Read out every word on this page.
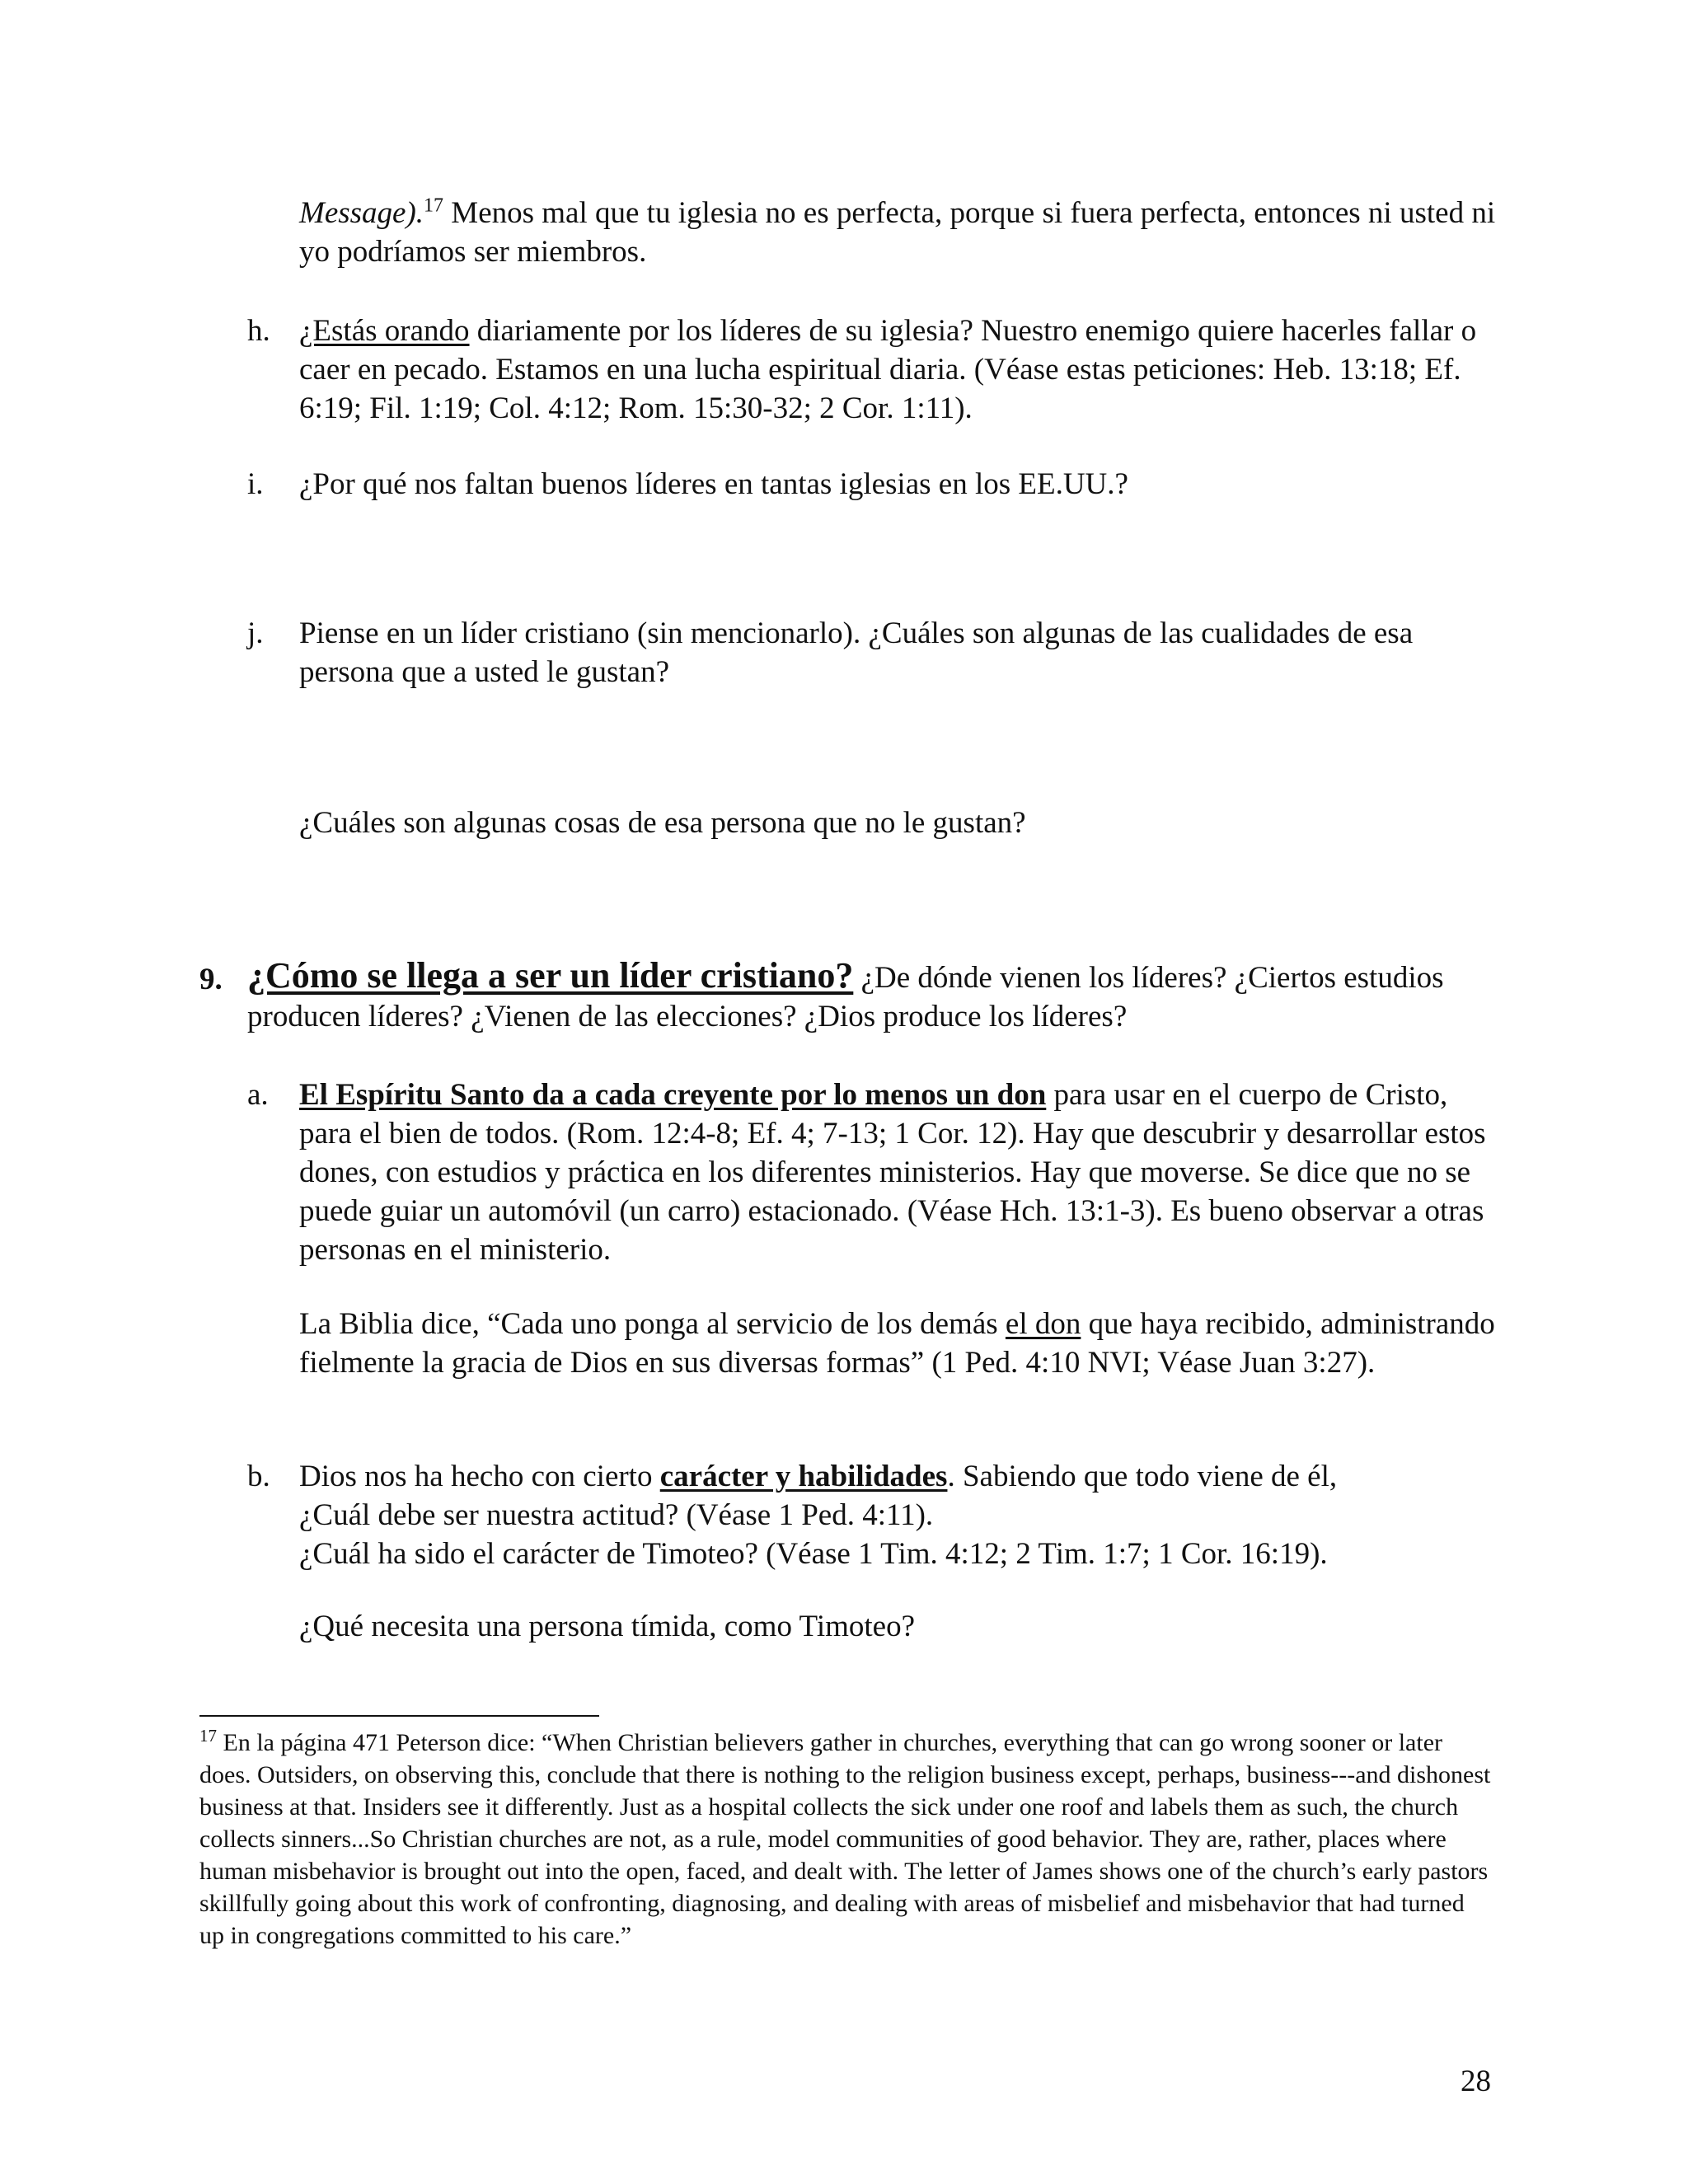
Message).$^{17}$ Menos mal que tu iglesia no es perfecta, porque si fuera perfecta, entonces ni usted ni yo podríamos ser miembros.
h. ¿Estás orando diariamente por los líderes de su iglesia? Nuestro enemigo quiere hacerles fallar o caer en pecado. Estamos en una lucha espiritual diaria. (Véase estas peticiones: Heb. 13:18; Ef. 6:19; Fil. 1:19; Col. 4:12; Rom. 15:30-32; 2 Cor. 1:11).
i. ¿Por qué nos faltan buenos líderes en tantas iglesias en los EE.UU.?
j. Piense en un líder cristiano (sin mencionarlo). ¿Cuáles son algunas de las cualidades de esa persona que a usted le gustan?
¿Cuáles son algunas cosas de esa persona que no le gustan?
9. ¿Cómo se llega a ser un líder cristiano? ¿De dónde vienen los líderes? ¿Ciertos estudios producen líderes? ¿Vienen de las elecciones? ¿Dios produce los líderes?
a. El Espíritu Santo da a cada creyente por lo menos un don para usar en el cuerpo de Cristo, para el bien de todos. (Rom. 12:4-8; Ef. 4; 7-13; 1 Cor. 12). Hay que descubrir y desarrollar estos dones, con estudios y práctica en los diferentes ministerios. Hay que moverse. Se dice que no se puede guiar un automóvil (un carro) estacionado. (Véase Hch. 13:1-3). Es bueno observar a otras personas en el ministerio.
La Biblia dice, “Cada uno ponga al servicio de los demás el don que haya recibido, administrando fielmente la gracia de Dios en sus diversas formas” (1 Ped. 4:10 NVI; Véase Juan 3:27).
b. Dios nos ha hecho con cierto carácter y habilidades. Sabiendo que todo viene de él,
¿Cuál debe ser nuestra actitud? (Véase 1 Ped. 4:11).
¿Cuál ha sido el carácter de Timoteo? (Véase 1 Tim. 4:12; 2 Tim. 1:7; 1 Cor. 16:19).
¿Qué necesita una persona tímida, como Timoteo?
$^{17}$ En la página 471 Peterson dice: “When Christian believers gather in churches, everything that can go wrong sooner or later does. Outsiders, on observing this, conclude that there is nothing to the religion business except, perhaps, business---and dishonest business at that. Insiders see it differently. Just as a hospital collects the sick under one roof and labels them as such, the church collects sinners...So Christian churches are not, as a rule, model communities of good behavior. They are, rather, places where human misbehavior is brought out into the open, faced, and dealt with. The letter of James shows one of the church’s early pastors skillfully going about this work of confronting, diagnosing, and dealing with areas of misbelief and misbehavior that had turned up in congregations committed to his care.”
28
